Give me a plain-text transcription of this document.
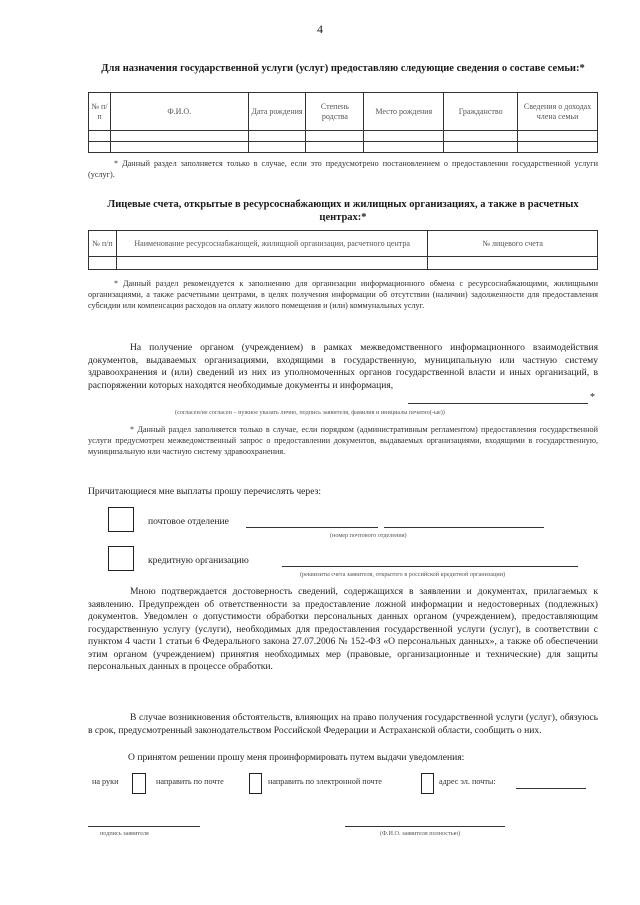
4
Для назначения государственной услуги (услуг) предоставляю следующие сведения о составе семьи:*
№ п/п	Ф.И.О.	Дата рождения	Степень родства	Место рождения	Гражданство	Сведения о доходах члена семьи

* Данный раздел заполняется только в случае, если это предусмотрено постановлением о предоставлении государственной услуги (услуг).
Лицевые счета, открытые в ресурсоснабжающих и жилищных организациях, а также в расчетных центрах:*
№ п/п	Наименование ресурсоснабжающей, жилищной организации, расчетного центра	№ лицевого счета

* Данный раздел рекомендуется к заполнению для организации информационного обмена с ресурсоснабжающими, жилищными организациями, а также расчетными центрами, в целях получения информации об отсутствии (наличии) задолженности для предоставления субсидии или компенсации расходов на оплату жилого помещения и (или) коммунальных услуг.
На получение органом (учреждением) в рамках межведомственного информационного взаимодействия документов, выдаваемых организациями, входящими в государственную, муниципальную или частную систему здравоохранения и (или) сведений из них из уполномоченных органов государственной власти и иных организаций, в распоряжении которых находятся необходимые документы и информация,
*
(согласен/не согласен – нужное указать лично, подпись заявителя, фамилия и инициалы печатно(-ые))
* Данный раздел заполняется только в случае, если порядком (административным регламентом) предоставления государственной услуги предусмотрен межведомственный запрос о предоставлении документов, выдаваемых организациями, входящими в государственную, муниципальную или частную систему здравоохранения.
Причитающиеся мне выплаты прошу перечислять через:
почтовое отделение
(номер почтового отделения)
кредитную организацию
(реквизиты счета заявителя, открытого в российской кредитной организации)
Мною подтверждается достоверность сведений, содержащихся в заявлении и документах, прилагаемых к заявлению. Предупрежден об ответственности за предоставление ложной информации и недостоверных (подлежных) документов. Уведомлен о допустимости обработки персональных данных органом (учреждением), предоставляющим государственную услугу (услуги), необходимых для предоставления государственной услуги (услуг), в соответствии с пунктом 4 части 1 статьи 6 Федерального закона 27.07.2006 № 152-ФЗ «О персональных данных», а также об обеспечении этим органом (учреждением) принятия необходимых мер (правовые, организационные и технические) для защиты персональных данных в процессе обработки.
В случае возникновения обстоятельств, влияющих на право получения государственной услуги (услуг), обязуюсь в срок, предусмотренный законодательством Российской Федерации и Астраханской области, сообщить о них.
О принятом решении прошу меня проинформировать путем выдачи уведомления:
на руки	направить по почте	направить по электронной почте	адрес эл. почты:
подпись заявителя	(Ф.И.О. заявителя полностью)
